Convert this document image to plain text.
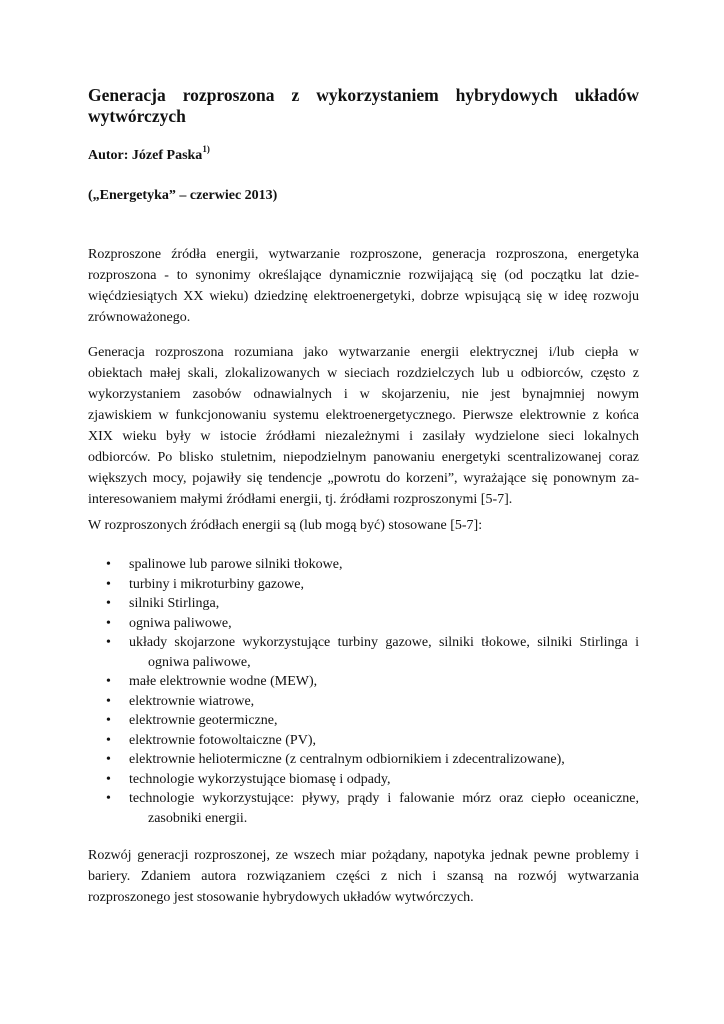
Generacja rozproszona z wykorzystaniem hybrydowych układów
wytwórczych

Autor: Józef Paska$^{1)}$

(„Energetyka” – czerwiec 2013)

Rozproszone źródła energii, wytwarzanie rozproszone, generacja rozproszona, energetyka
rozproszona - to synonimy określające dynamicznie rozwijającą się (od początku lat dzie-
więćdziesiątych XX wieku) dziedzinę elektroenergetyki, dobrze wpisującą się w ideę rozwoju
zrównoważonego.

Generacja rozproszona rozumiana jako wytwarzanie energii elektrycznej i/lub ciepła w
obiektach małej skali, zlokalizowanych w sieciach rozdzielczych lub u odbiorców, często z
wykorzystaniem zasobów odnawialnych i w skojarzeniu, nie jest bynajmniej nowym
zjawiskiem w funkcjonowaniu systemu elektroenergetycznego. Pierwsze elektrownie z końca
XIX wieku były w istocie źródłami niezależnymi i zasilały wydzielone sieci lokalnych
odbiorców. Po blisko stuletnim, niepodzielnym panowaniu energetyki scentralizowanej coraz
większych mocy, pojawiły się tendencje „powrotu do korzeni”, wyrażające się ponownym za-
interesowaniem małymi źródłami energii, tj. źródłami rozproszonymi [5-7].

W rozproszonych źródłach energii są (lub mogą być) stosowane [5-7]:

• spalinowe lub parowe silniki tłokowe,
• turbiny i mikroturbiny gazowe,
• silniki Stirlinga,
• ogniwa paliwowe,
• układy skojarzone wykorzystujące turbiny gazowe, silniki tłokowe, silniki Stirlinga i
ogniwa paliwowe,
• małe elektrownie wodne (MEW),
• elektrownie wiatrowe,
• elektrownie geotermiczne,
• elektrownie fotowoltaiczne (PV),
• elektrownie heliotermiczne (z centralnym odbiornikiem i zdecentralizowane),
• technologie wykorzystujące biomasę i odpady,
• technologie wykorzystujące: pływy, prądy i falowanie mórz oraz ciepło oceaniczne,
zasobniki energii.

Rozwój generacji rozproszonej, ze wszech miar pożądany, napotyka jednak pewne problemy i
bariery. Zdaniem autora rozwiązaniem części z nich i szansą na rozwój wytwarzania
rozproszonego jest stosowanie hybrydowych układów wytwórczych.
